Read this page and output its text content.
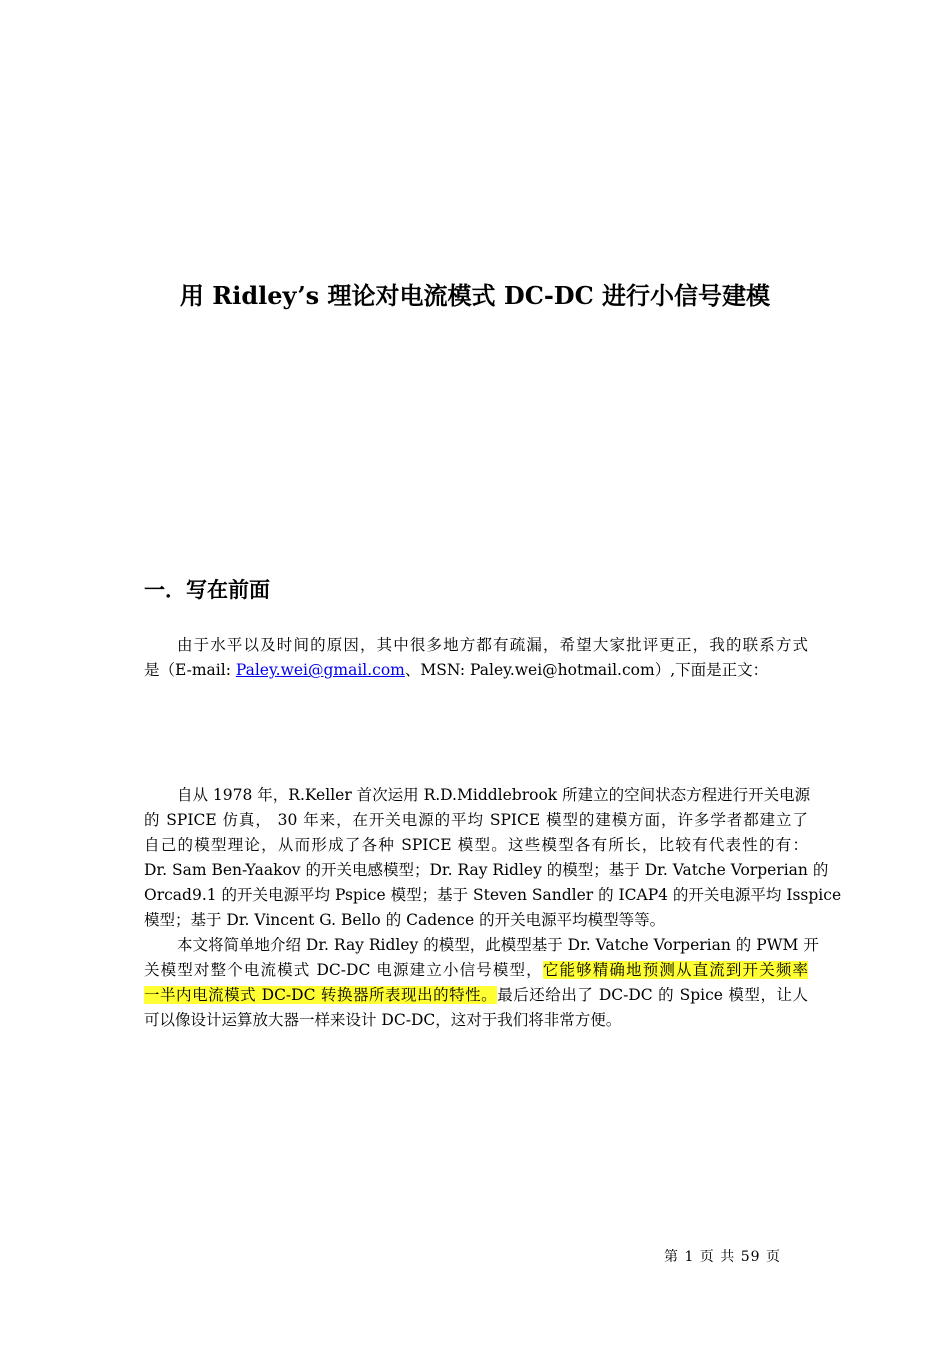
用 Ridley’s 理论对电流模式 DC-DC 进行小信号建模
一．写在前面
由于水平以及时间的原因，其中很多地方都有疏漏，希望大家批评更正，我的联系方式
是（E-mail: Paley.wei@gmail.com、MSN: Paley.wei@hotmail.com）,下面是正文：
自从 1978 年，R.Keller 首次运用 R.D.Middlebrook 所建立的空间状态方程进行开关电源
的 SPICE 仿真， 30 年来，在开关电源的平均 SPICE 模型的建模方面，许多学者都建立了
自己的模型理论，从而形成了各种 SPICE 模型。这些模型各有所长，比较有代表性的有：
Dr. Sam Ben-Yaakov 的开关电感模型；Dr. Ray Ridley 的模型；基于 Dr. Vatche Vorperian 的
Orcad9.1 的开关电源平均 Pspice 模型；基于 Steven Sandler 的 ICAP4 的开关电源平均 Isspice
模型；基于 Dr. Vincent G. Bello 的 Cadence 的开关电源平均模型等等。
本文将简单地介绍 Dr. Ray Ridley 的模型，此模型基于 Dr. Vatche Vorperian 的 PWM 开
关模型对整个电流模式 DC-DC 电源建立小信号模型，它能够精确地预测从直流到开关频率
一半内电流模式 DC-DC 转换器所表现出的特性。最后还给出了 DC-DC 的 Spice 模型，让人
可以像设计运算放大器一样来设计 DC-DC，这对于我们将非常方便。
第 1 页 共 59 页
